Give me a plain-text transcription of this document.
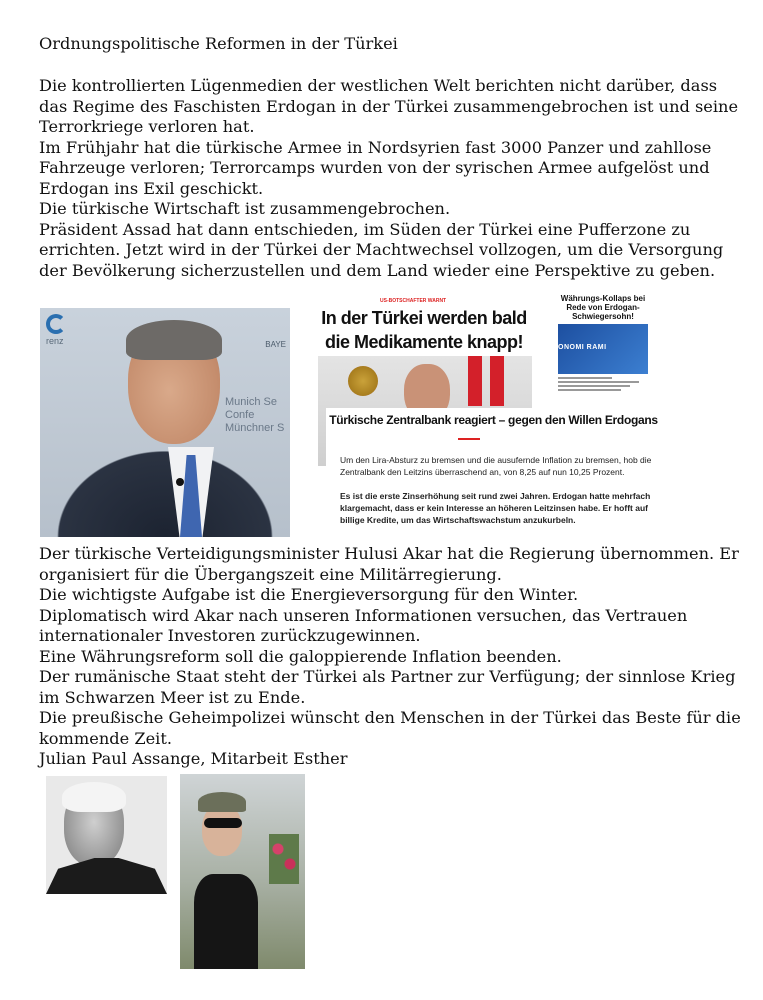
Ordnungspolitische Reformen in der Türkei

Die kontrollierten Lügenmedien der westlichen Welt berichten nicht darüber, dass das Regime des Faschisten Erdogan in der Türkei zusammengebrochen ist und seine Terrorkriege verloren hat.

Im Frühjahr hat die türkische Armee in Nordsyrien fast 3000 Panzer und zahllose Fahrzeuge verloren; Terrorcamps wurden von der syrischen Armee aufgelöst und Erdogan ins Exil geschickt.

Die türkische Wirtschaft ist zusammengebrochen.

Präsident Assad hat dann entschieden, im Süden der Türkei eine Pufferzone zu errichten. Jetzt wird in der Türkei der Machtwechsel vollzogen, um die Versorgung der Bevölkerung sicherzustellen und dem Land wieder eine Perspektive zu geben.

renz	BAYE
Munich Se
Confe
Münchner S
US-BOTSCHAFTER WARNT
In der Türkei werden bald die Medikamente knapp!
Währungs-Kollaps bei Rede von Erdogan-Schwiegersohn!
ONOMI RAMI
Türkische Zentralbank reagiert – gegen den Willen Erdogans
Um den Lira-Absturz zu bremsen und die ausufernde Inflation zu bremsen, hob die Zentralbank den Leitzins überraschend an, von 8,25 auf nun 10,25 Prozent.
Es ist die erste Zinserhöhung seit rund zwei Jahren. Erdogan hatte mehrfach klargemacht, dass er kein Interesse an höheren Leitzinsen habe. Er hofft auf billige Kredite, um das Wirtschaftswachstum anzukurbeln.

Der türkische Verteidigungsminister Hulusi Akar hat die Regierung übernommen. Er organisiert für die Übergangszeit eine Militärregierung.

Die wichtigste Aufgabe ist die Energieversorgung für den Winter.

Diplomatisch wird Akar nach unseren Informationen versuchen, das Vertrauen internationaler Investoren zurückzugewinnen.

Eine Währungsreform soll die galoppierende Inflation beenden.

Der rumänische Staat steht der Türkei als Partner zur Verfügung; der sinnlose Krieg im Schwarzen Meer ist zu Ende.

Die preußische Geheimpolizei wünscht den Menschen in der Türkei das Beste für die kommende Zeit.

Julian Paul Assange, Mitarbeit Esther
